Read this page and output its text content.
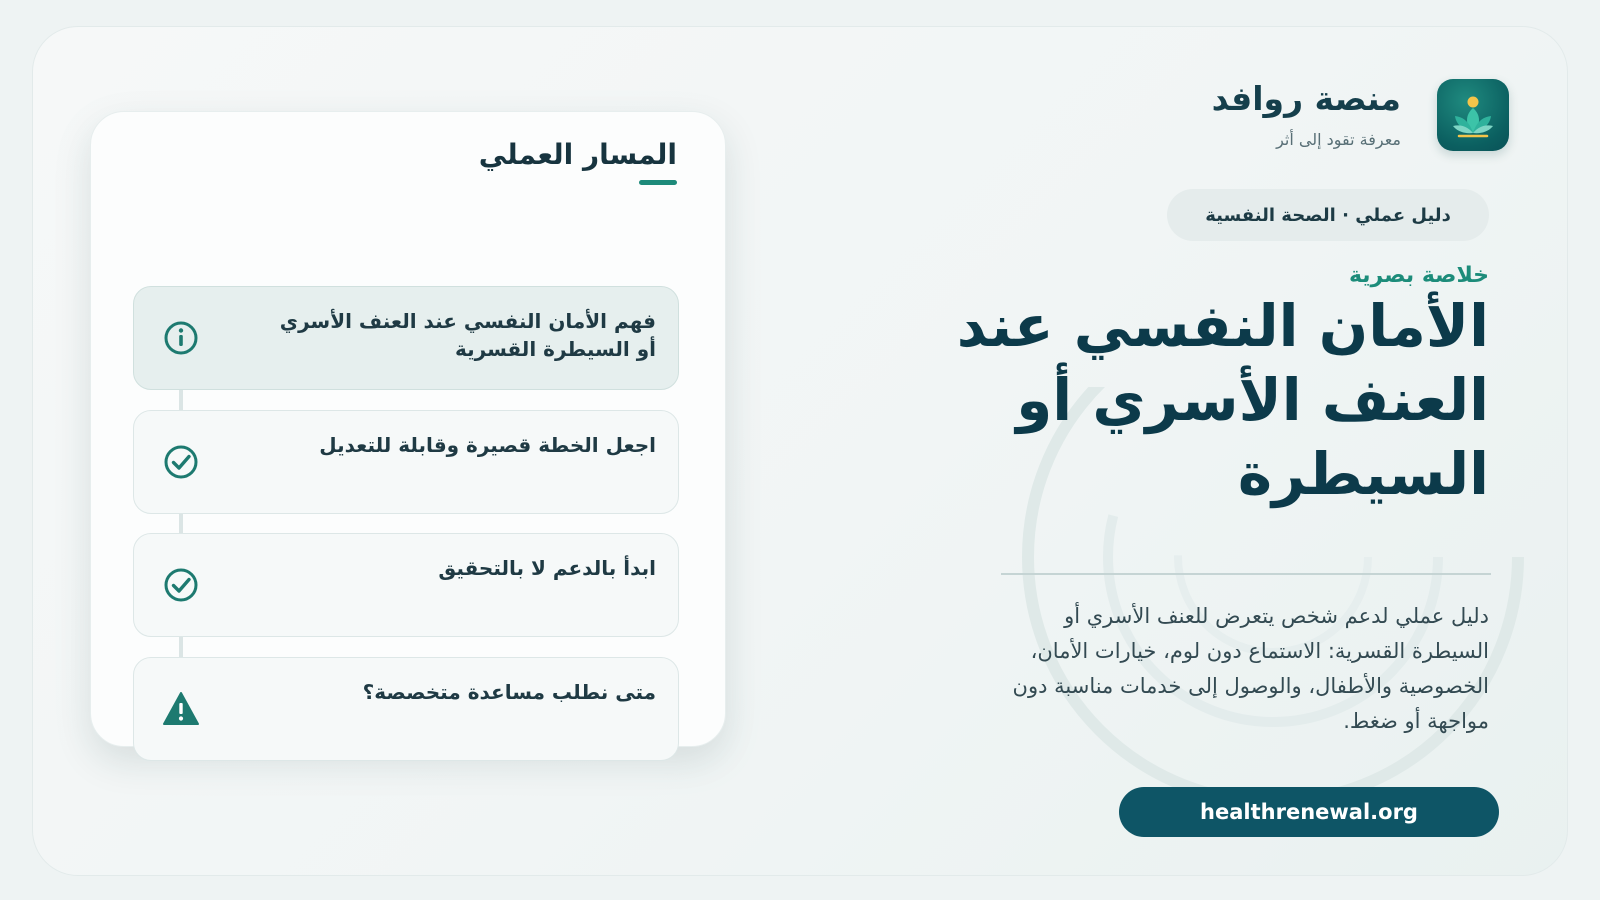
منصة روافد
معرفة تقود إلى أثر
دليل عملي · الصحة النفسية
خلاصة بصرية
الأمان النفسي عند العنف الأسري أو السيطرة
دليل عملي لدعم شخص يتعرض للعنف الأسري أو السيطرة القسرية: الاستماع دون لوم، خيارات الأمان، الخصوصية والأطفال، والوصول إلى خدمات مناسبة دون مواجهة أو ضغط.
healthrenewal.org
المسار العملي
فهم الأمان النفسي عند العنف الأسري أو السيطرة القسرية
اجعل الخطة قصيرة وقابلة للتعديل
ابدأ بالدعم لا بالتحقيق
متى نطلب مساعدة متخصصة؟
